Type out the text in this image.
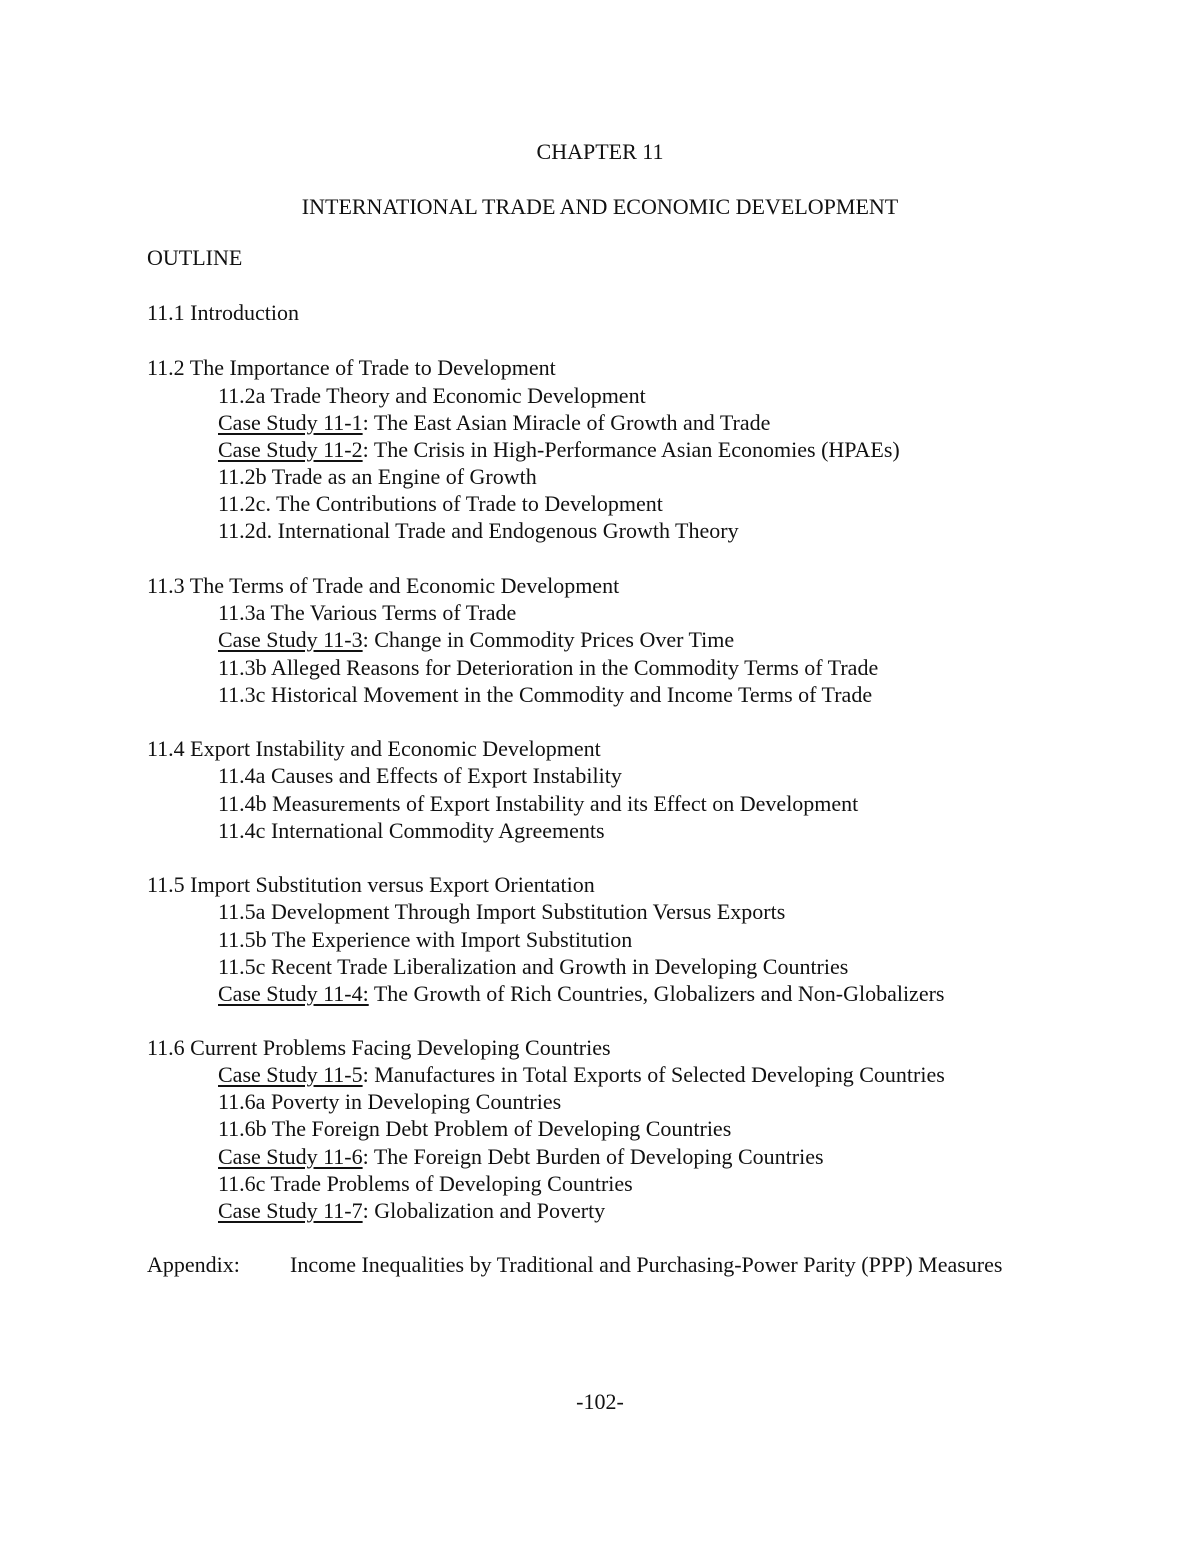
CHAPTER 11
INTERNATIONAL TRADE AND ECONOMIC DEVELOPMENT
OUTLINE
11.1 Introduction
11.2 The Importance of Trade to Development
11.2a Trade Theory and Economic Development
Case Study 11-1: The East Asian Miracle of Growth and Trade
Case Study 11-2: The Crisis in High-Performance Asian Economies (HPAEs)
11.2b Trade as an Engine of Growth
11.2c. The Contributions of Trade to Development
11.2d. International Trade and Endogenous Growth Theory
11.3 The Terms of Trade and Economic Development
11.3a The Various Terms of Trade
Case Study 11-3: Change in Commodity Prices Over Time
11.3b Alleged Reasons for Deterioration in the Commodity Terms of Trade
11.3c Historical Movement in the Commodity and Income Terms of Trade
11.4 Export Instability and Economic Development
11.4a Causes and Effects of Export Instability
11.4b Measurements of Export Instability and its Effect on Development
11.4c International Commodity Agreements
11.5 Import Substitution versus Export Orientation
11.5a Development Through Import Substitution Versus Exports
11.5b The Experience with Import Substitution
11.5c Recent Trade Liberalization and Growth in Developing Countries
Case Study 11-4: The Growth of Rich Countries, Globalizers and Non-Globalizers
11.6 Current Problems Facing Developing Countries
Case Study 11-5: Manufactures in Total Exports of Selected Developing Countries
11.6a Poverty in Developing Countries
11.6b The Foreign Debt Problem of Developing Countries
Case Study 11-6: The Foreign Debt Burden of Developing Countries
11.6c Trade Problems of Developing Countries
Case Study 11-7: Globalization and Poverty
Appendix: Income Inequalities by Traditional and Purchasing-Power Parity (PPP) Measures
-102-
